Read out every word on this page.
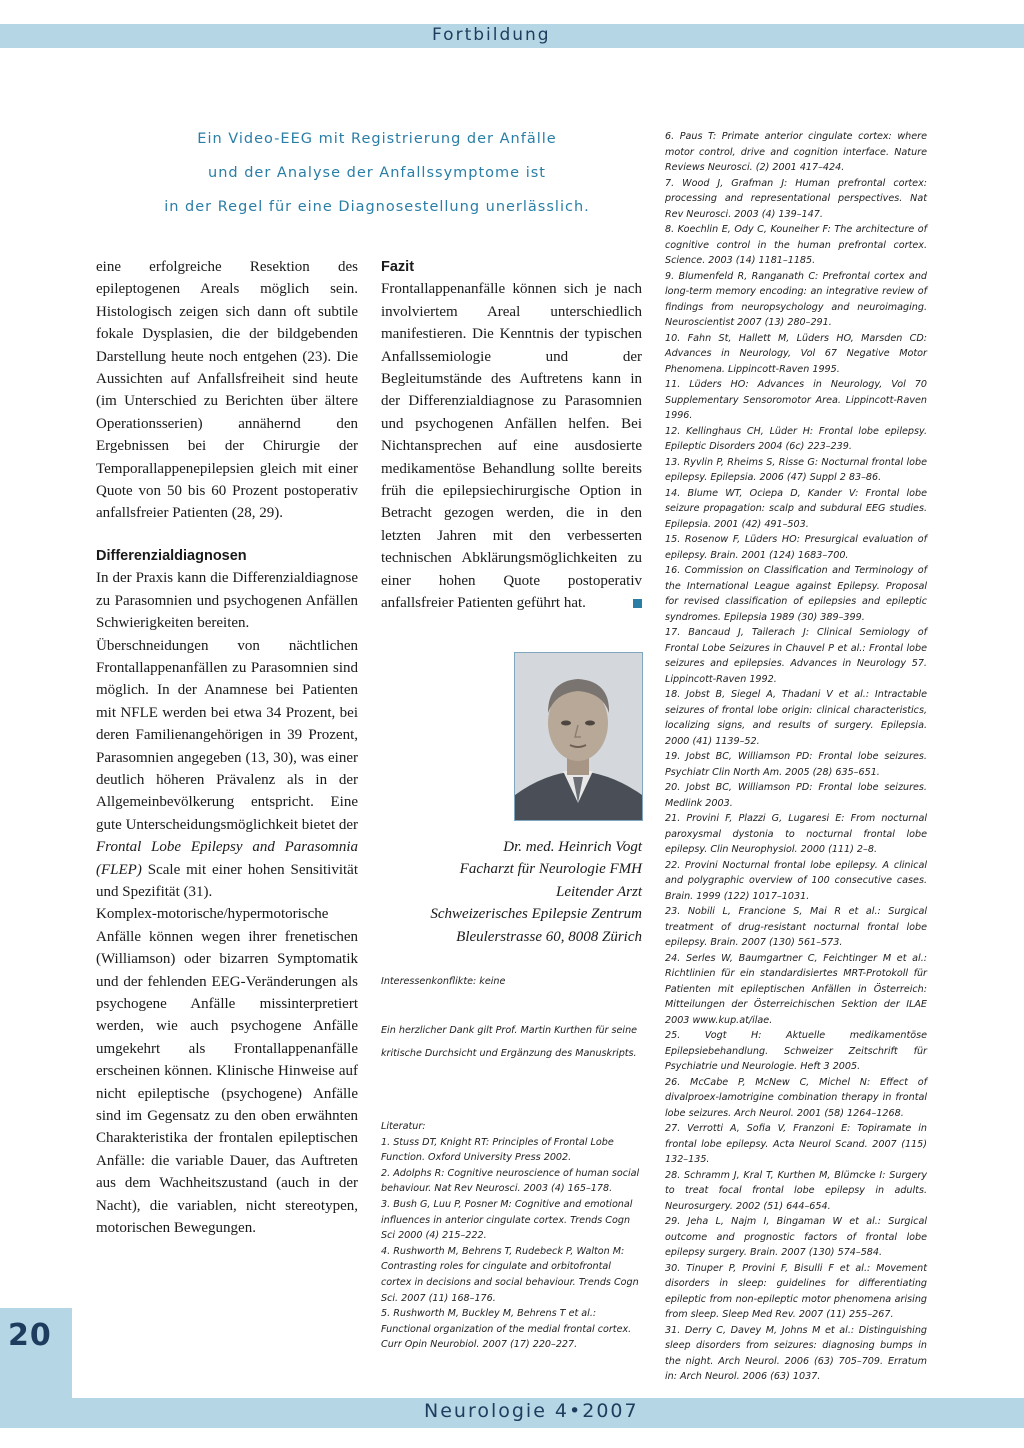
Fortbildung
20
Neurologie 4•2007
Ein Video-EEG mit Registrierung der Anfälle
und der Analyse der Anfallssymptome ist
in der Regel für eine Diagnosestellung unerlässlich.

eine erfolgreiche Resektion des epileptogenen Areals möglich sein. Histologisch zeigen sich dann oft subtile fokale Dysplasien, die der bildgebenden Darstellung heute noch entgehen (23). Die Aussichten auf Anfallsfreiheit sind heute (im Unterschied zu Berichten über ältere Operationsserien) annähernd den Ergebnissen bei der Chirurgie der Temporallappenepilepsien gleich mit einer Quote von 50 bis 60 Prozent postoperativ anfallsfreier Patienten (28, 29).

Differenzialdiagnosen

In der Praxis kann die Differenzialdiagnose zu Parasomnien und psychogenen Anfällen Schwierigkeiten bereiten.

Überschneidungen von nächtlichen Frontallappenanfällen zu Parasomnien sind möglich. In der Anamnese bei Patienten mit NFLE werden bei etwa 34 Prozent, bei deren Familienangehörigen in 39 Prozent, Parasomnien angegeben (13, 30), was einer deutlich höheren Prävalenz als in der Allgemeinbevölkerung entspricht. Eine gute Unterscheidungsmöglichkeit bietet der Frontal Lobe Epilepsy and Parasomnia (FLEP) Scale mit einer hohen Sensitivität und Spezifität (31).

Komplex-motorische/hypermotorische Anfälle können wegen ihrer frenetischen (Williamson) oder bizarren Symptomatik und der fehlenden EEG-Veränderungen als psychogene Anfälle missinterpretiert werden, wie auch psychogene Anfälle umgekehrt als Frontallappenanfälle erscheinen können. Klinische Hinweise auf nicht epileptische (psychogene) Anfälle sind im Gegensatz zu den oben erwähnten Charakteristika der frontalen epileptischen Anfälle: die variable Dauer, das Auftreten aus dem Wachheitszustand (auch in der Nacht), die variablen, nicht stereotypen, motorischen Bewegungen.

Fazit

Frontallappenanfälle können sich je nach involviertem Areal unterschiedlich manifestieren. Die Kenntnis der typischen Anfallssemiologie und der Begleitumstände des Auftretens kann in der Differenzialdiagnose zu Parasomnien und psychogenen Anfällen helfen. Bei Nichtansprechen auf eine ausdosierte medikamentöse Behandlung sollte bereits früh die epilepsiechirurgische Option in Betracht gezogen werden, die in den letzten Jahren mit den verbesserten technischen Abklärungsmöglichkeiten zu einer hohen Quote postoperativ anfallsfreier Patienten geführt hat.

Dr. med. Heinrich Vogt
Facharzt für Neurologie FMH
Leitender Arzt
Schweizerisches Epilepsie Zentrum
Bleulerstrasse 60, 8008 Zürich
Interessenkonflikte: keine
Ein herzlicher Dank gilt Prof. Martin Kurthen für seine kritische Durchsicht und Ergänzung des Manuskripts.

Literatur:

1. Stuss DT, Knight RT: Principles of Frontal Lobe Function. Oxford University Press 2002.

2. Adolphs R: Cognitive neuroscience of human social behaviour. Nat Rev Neurosci. 2003 (4) 165–178.

3. Bush G, Luu P, Posner M: Cognitive and emotional influences in anterior cingulate cortex. Trends Cogn Sci 2000 (4) 215–222.

4. Rushworth M, Behrens T, Rudebeck P, Walton M: Contrasting roles for cingulate and orbitofrontal cortex in decisions and social behaviour. Trends Cogn Sci. 2007 (11) 168–176.

5. Rushworth M, Buckley M, Behrens T et al.: Functional organization of the medial frontal cortex. Curr Opin Neurobiol. 2007 (17) 220–227.

6. Paus T: Primate anterior cingulate cortex: where motor control, drive and cognition interface. Nature Reviews Neurosci. (2) 2001 417–424.

7. Wood J, Grafman J: Human prefrontal cortex: processing and representational perspectives. Nat Rev Neurosci. 2003 (4) 139–147.

8. Koechlin E, Ody C, Kouneiher F: The architecture of cognitive control in the human prefrontal cortex. Science. 2003 (14) 1181–1185.

9. Blumenfeld R, Ranganath C: Prefrontal cortex and long-term memory encoding: an integrative review of findings from neuropsychology and neuroimaging. Neuroscientist 2007 (13) 280–291.

10. Fahn St, Hallett M, Lüders HO, Marsden CD: Advances in Neurology, Vol 67 Negative Motor Phenomena. Lippincott-Raven 1995.

11. Lüders HO: Advances in Neurology, Vol 70 Supplementary Sensoromotor Area. Lippincott-Raven 1996.

12. Kellinghaus CH, Lüder H: Frontal lobe epilepsy. Epileptic Disorders 2004 (6c) 223–239.

13. Ryvlin P, Rheims S, Risse G: Nocturnal frontal lobe epilepsy. Epilepsia. 2006 (47) Suppl 2 83–86.

14. Blume WT, Ociepa D, Kander V: Frontal lobe seizure propagation: scalp and subdural EEG studies. Epilepsia. 2001 (42) 491–503.

15. Rosenow F, Lüders HO: Presurgical evaluation of epilepsy. Brain. 2001 (124) 1683–700.

16. Commission on Classification and Terminology of the International League against Epilepsy. Proposal for revised classification of epilepsies and epileptic syndromes. Epilepsia 1989 (30) 389–399.

17. Bancaud J, Tailerach J: Clinical Semiology of Frontal Lobe Seizures in Chauvel P et al.: Frontal lobe seizures and epilepsies. Advances in Neurology 57. Lippincott-Raven 1992.

18. Jobst B, Siegel A, Thadani V et al.: Intractable seizures of frontal lobe origin: clinical characteristics, localizing signs, and results of surgery. Epilepsia. 2000 (41) 1139–52.

19. Jobst BC, Williamson PD: Frontal lobe seizures. Psychiatr Clin North Am. 2005 (28) 635–651.

20. Jobst BC, Williamson PD: Frontal lobe seizures. Medlink 2003.

21. Provini F, Plazzi G, Lugaresi E: From nocturnal paroxysmal dystonia to nocturnal frontal lobe epilepsy. Clin Neurophysiol. 2000 (111) 2–8.

22. Provini Nocturnal frontal lobe epilepsy. A clinical and polygraphic overview of 100 consecutive cases. Brain. 1999 (122) 1017–1031.

23. Nobili L, Francione S, Mai R et al.: Surgical treatment of drug-resistant nocturnal frontal lobe epilepsy. Brain. 2007 (130) 561–573.

24. Serles W, Baumgartner C, Feichtinger M et al.: Richtlinien für ein standardisiertes MRT-Protokoll für Patienten mit epileptischen Anfällen in Österreich: Mitteilungen der Österreichischen Sektion der ILAE 2003 www.kup.at/ilae.

25. Vogt H: Aktuelle medikamentöse Epilepsiebehandlung. Schweizer Zeitschrift für Psychiatrie und Neurologie. Heft 3 2005.

26. McCabe P, McNew C, Michel N: Effect of divalproex-lamotrigine combination therapy in frontal lobe seizures. Arch Neurol. 2001 (58) 1264–1268.

27. Verrotti A, Sofia V, Franzoni E: Topiramate in frontal lobe epilepsy. Acta Neurol Scand. 2007 (115) 132–135.

28. Schramm J, Kral T, Kurthen M, Blümcke I: Surgery to treat focal frontal lobe epilepsy in adults. Neurosurgery. 2002 (51) 644–654.

29. Jeha L, Najm I, Bingaman W et al.: Surgical outcome and prognostic factors of frontal lobe epilepsy surgery. Brain. 2007 (130) 574–584.

30. Tinuper P, Provini F, Bisulli F et al.: Movement disorders in sleep: guidelines for differentiating epileptic from non-epileptic motor phenomena arising from sleep. Sleep Med Rev. 2007 (11) 255–267.

31. Derry C, Davey M, Johns M et al.: Distinguishing sleep disorders from seizures: diagnosing bumps in the night. Arch Neurol. 2006 (63) 705–709. Erratum in: Arch Neurol. 2006 (63) 1037.
